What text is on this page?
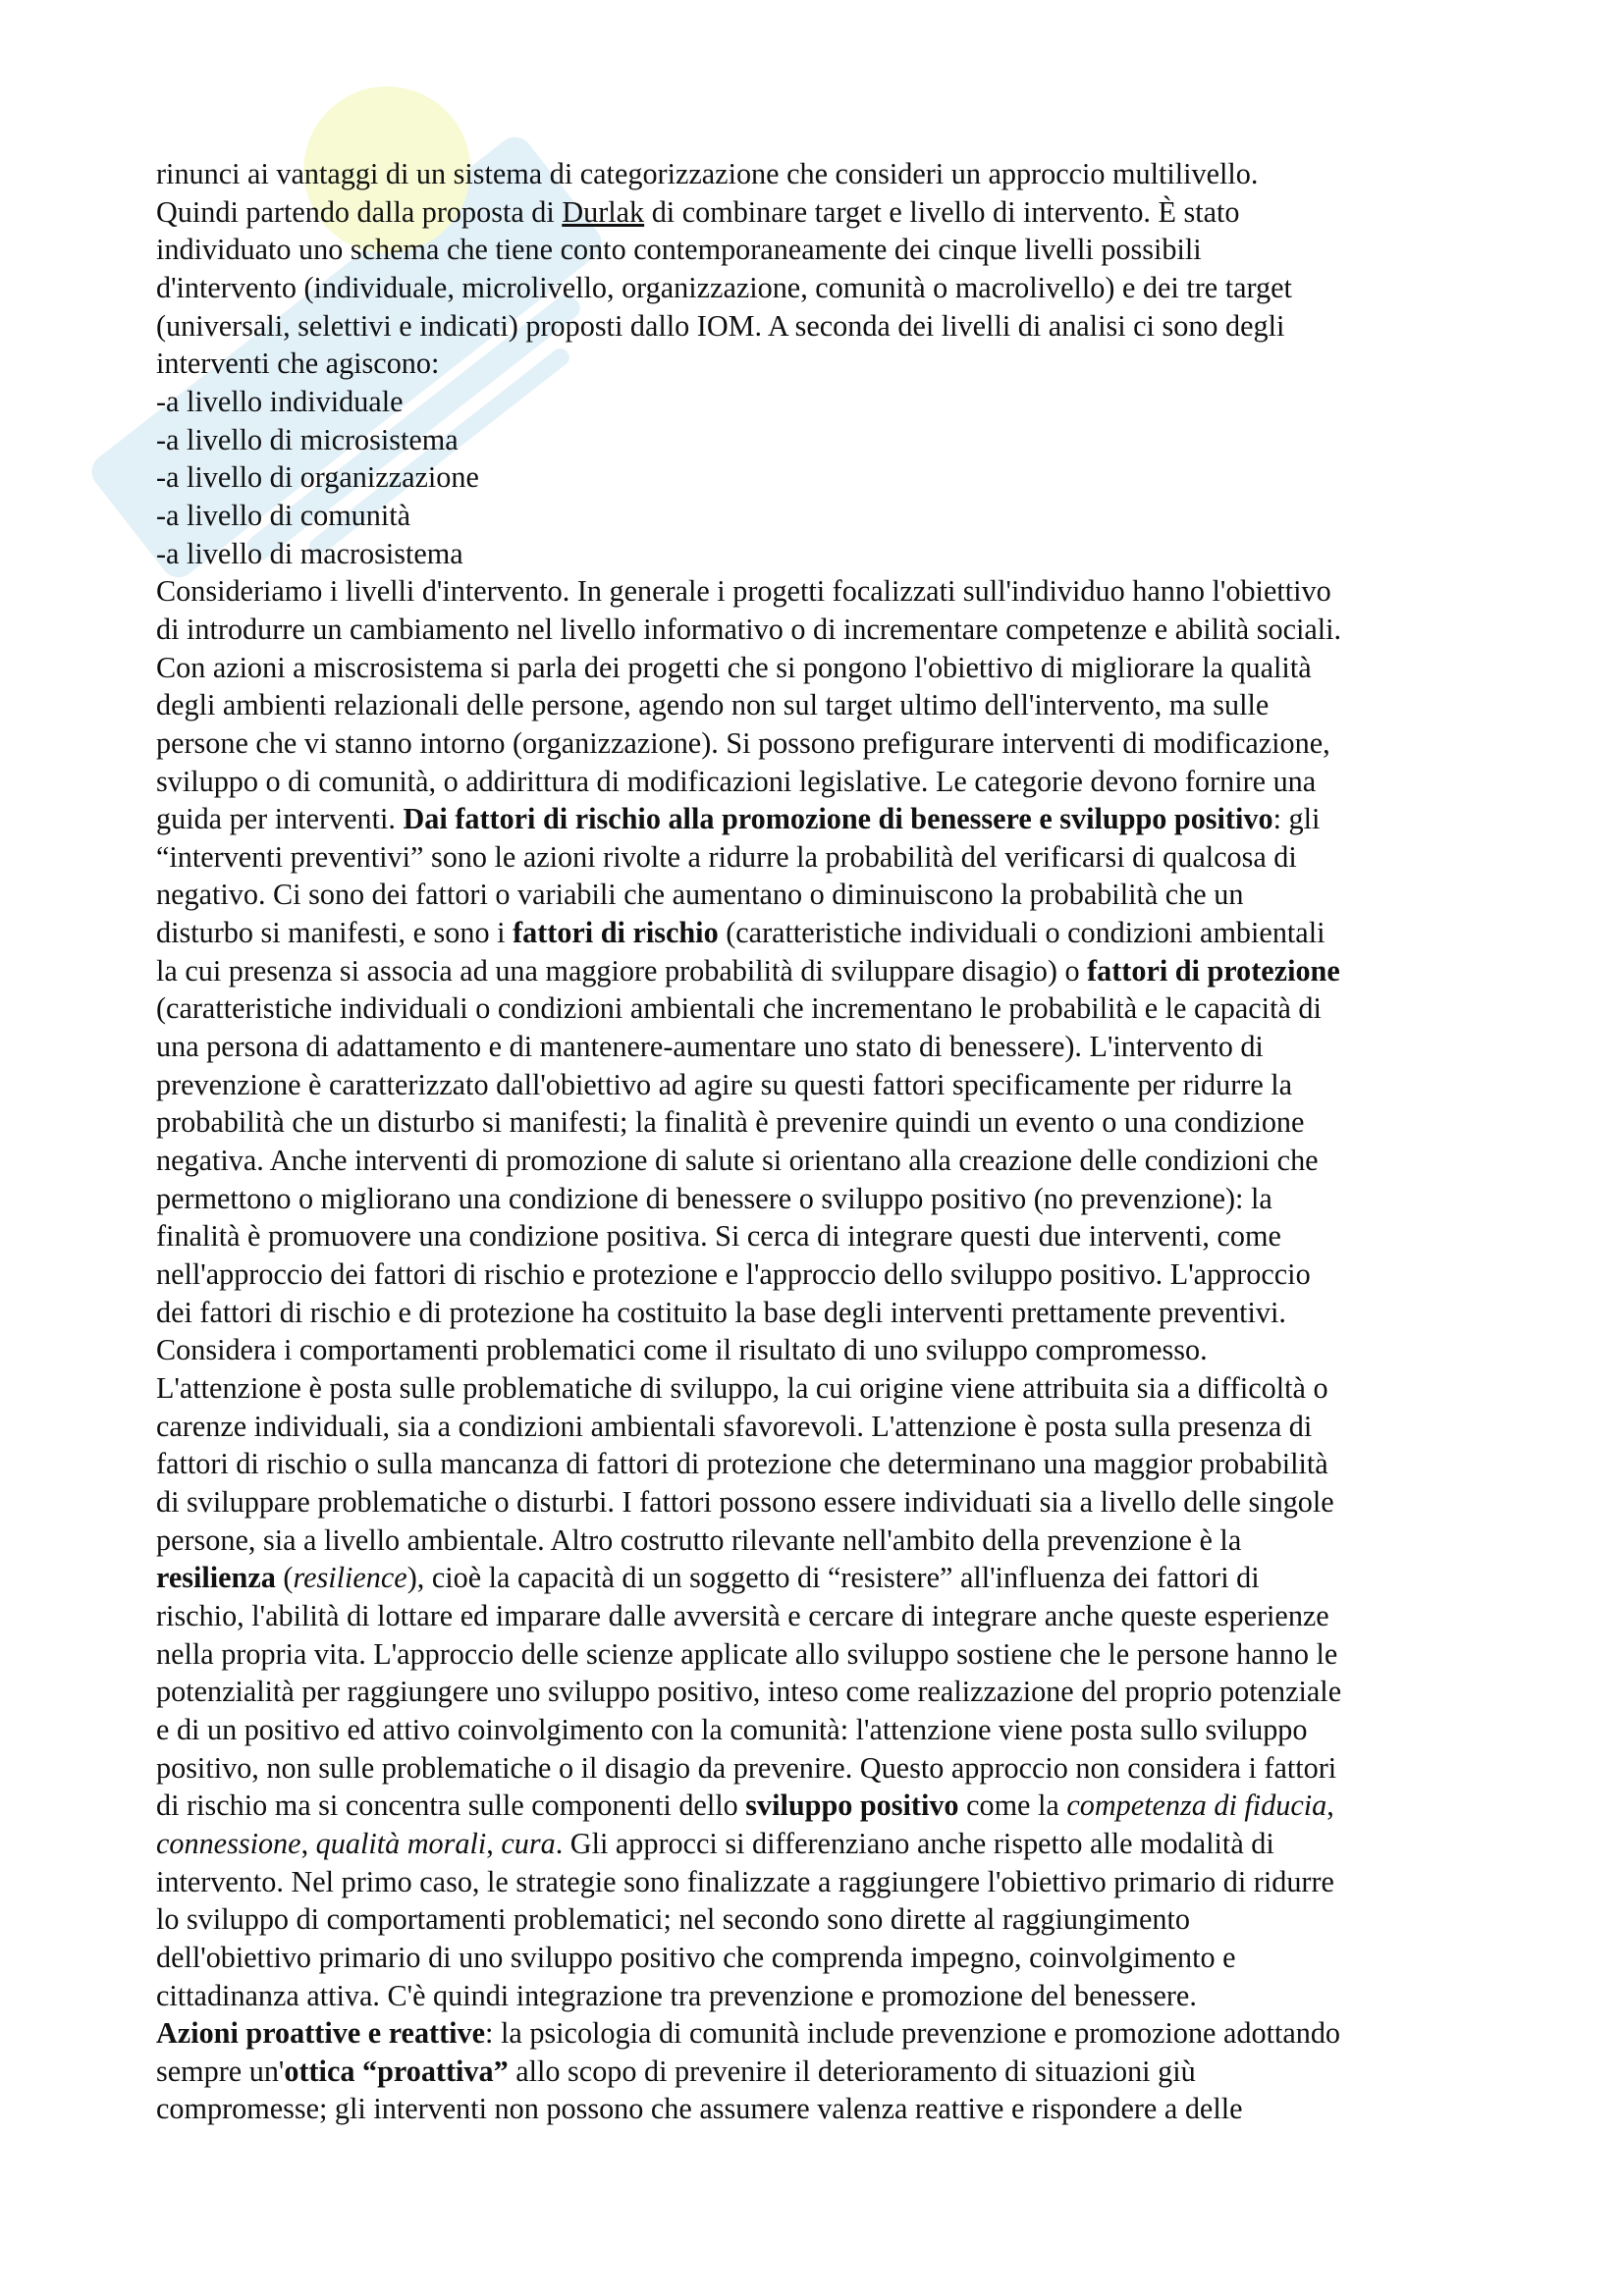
rinunci ai vantaggi di un sistema di categorizzazione che consideri un approccio multilivello.

Quindi partendo dalla proposta di Durlak di combinare target e livello di intervento. È stato

individuato uno schema che tiene conto contemporaneamente dei cinque livelli possibili

d'intervento (individuale, microlivello, organizzazione, comunità o macrolivello) e dei tre target

(universali, selettivi e indicati) proposti dallo IOM. A seconda dei livelli di analisi ci sono degli

interventi che agiscono:

-a livello individuale

-a livello di microsistema

-a livello di organizzazione

-a livello di comunità

-a livello di macrosistema

Consideriamo i livelli d'intervento. In generale i progetti focalizzati sull'individuo hanno l'obiettivo

di introdurre un cambiamento nel livello informativo o di incrementare competenze e abilità sociali.

Con azioni a miscrosistema si parla dei progetti che si pongono l'obiettivo di migliorare la qualità

degli ambienti relazionali delle persone, agendo non sul target ultimo dell'intervento, ma sulle

persone che vi stanno intorno (organizzazione). Si possono prefigurare interventi di modificazione,

sviluppo o di comunità, o addirittura di modificazioni legislative. Le categorie devono fornire una

guida per interventi. Dai fattori di rischio alla promozione di benessere e sviluppo positivo: gli

“interventi preventivi” sono le azioni rivolte a ridurre la probabilità del verificarsi di qualcosa di

negativo. Ci sono dei fattori o variabili che aumentano o diminuiscono la probabilità che un

disturbo si manifesti, e sono i fattori di rischio (caratteristiche individuali o condizioni ambientali

la cui presenza si associa ad una maggiore probabilità di sviluppare disagio) o fattori di protezione

(caratteristiche individuali o condizioni ambientali che incrementano le probabilità e le capacità di

una persona di adattamento e di mantenere-aumentare uno stato di benessere). L'intervento di

prevenzione è caratterizzato dall'obiettivo ad agire su questi fattori specificamente per ridurre la

probabilità che un disturbo si manifesti; la finalità è prevenire quindi un evento o una condizione

negativa. Anche interventi di promozione di salute si orientano alla creazione delle condizioni che

permettono o migliorano una condizione di benessere o sviluppo positivo (no prevenzione): la

finalità è promuovere una condizione positiva. Si cerca di integrare questi due interventi, come

nell'approccio dei fattori di rischio e protezione e l'approccio dello sviluppo positivo. L'approccio

dei fattori di rischio e di protezione ha costituito la base degli interventi prettamente preventivi.

Considera i comportamenti problematici come il risultato di uno sviluppo compromesso.

L'attenzione è posta sulle problematiche di sviluppo, la cui origine viene attribuita sia a difficoltà o

carenze individuali, sia a condizioni ambientali sfavorevoli. L'attenzione è posta sulla presenza di

fattori di rischio o sulla mancanza di fattori di protezione che determinano una maggior probabilità

di sviluppare problematiche o disturbi. I fattori possono essere individuati sia a livello delle singole

persone, sia a livello ambientale. Altro costrutto rilevante nell'ambito della prevenzione è la

resilienza (resilience), cioè la capacità di un soggetto di “resistere” all'influenza dei fattori di

rischio, l'abilità di lottare ed imparare dalle avversità e cercare di integrare anche queste esperienze

nella propria vita. L'approccio delle scienze applicate allo sviluppo sostiene che le persone hanno le

potenzialità per raggiungere uno sviluppo positivo, inteso come realizzazione del proprio potenziale

e di un positivo ed attivo coinvolgimento con la comunità: l'attenzione viene posta sullo sviluppo

positivo, non sulle problematiche o il disagio da prevenire. Questo approccio non considera i fattori

di rischio ma si concentra sulle componenti dello sviluppo positivo come la competenza di fiducia,

connessione, qualità morali, cura. Gli approcci si differenziano anche rispetto alle modalità di

intervento. Nel primo caso, le strategie sono finalizzate a raggiungere l'obiettivo primario di ridurre

lo sviluppo di comportamenti problematici; nel secondo sono dirette al raggiungimento

dell'obiettivo primario di uno sviluppo positivo che comprenda impegno, coinvolgimento e

cittadinanza attiva. C'è quindi integrazione tra prevenzione e promozione del benessere.

Azioni proattive e reattive: la psicologia di comunità include prevenzione e promozione adottando

sempre un'ottica “proattiva” allo scopo di prevenire il deterioramento di situazioni giù

compromesse; gli interventi non possono che assumere valenza reattive e rispondere a delle
